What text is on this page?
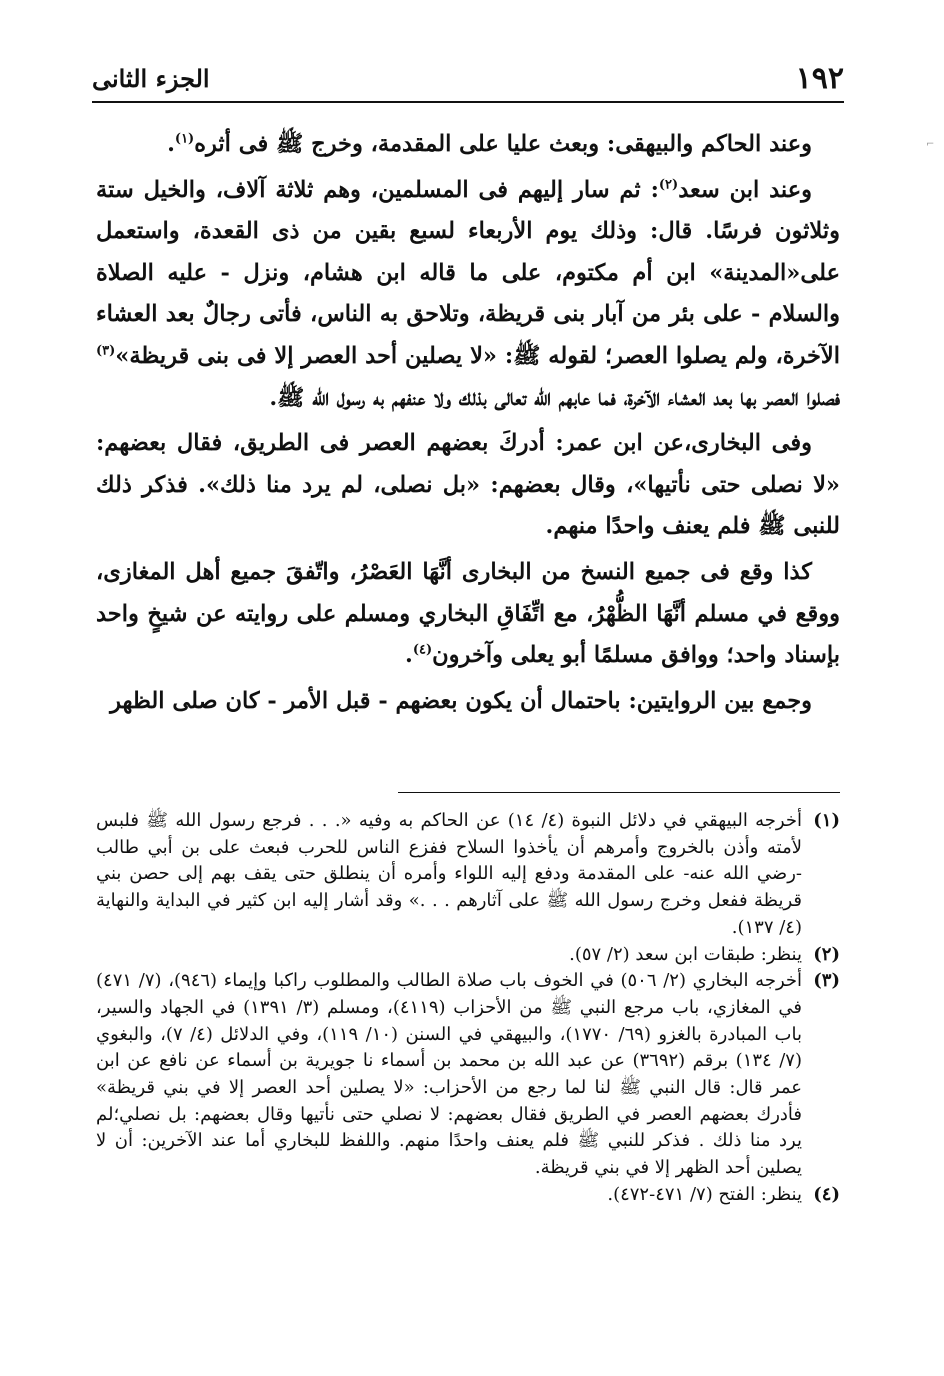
١٩٢
الجزء الثانى
⌐

وعند الحاكم والبيهقى: وبعث عليا على المقدمة، وخرج ﷺ فى أثره$^{(١)}$.

وعند ابن سعد$^{(٢)}$: ثم سار إليهم فى المسلمين، وهم ثلاثة آلاف، والخيل ستة وثلاثون فرسًا. قال: وذلك يوم الأربعاء لسبع بقين من ذى القعدة، واستعمل على«المدينة» ابن أم مكتوم، على ما قاله ابن هشام، ونزل - عليه الصلاة والسلام - على بئر من آبار بنى قريظة، وتلاحق به الناس، فأتى رجالٌ بعد العشاء الآخرة، ولم يصلوا العصر؛ لقوله ﷺ: «لا يصلين أحد العصر إلا فى بنى قريظة»$^{(٣)}$ فصلوا العصر بها بعد العشاء الآخرة، فما عابهم الله تعالى بذلك ولا عنفهم به رسول الله ﷺ.

وفى البخارى،عن ابن عمر: أدركَ بعضهم العصر فى الطريق، فقال بعضهم: «لا نصلى حتى نأتيها»، وقال بعضهم: «بل نصلى، لم يرد منا ذلك». فذكر ذلك للنبى ﷺ فلم يعنف واحدًا منهم.

كذا وقع فى جميع النسخ من البخارى أنَّهَا العَصْرُ، واتّفقَ جميع أهل المغازى، ووقع في مسلم أنَّهَا الظُّهْرُ، مع اتِّفَاقِ البخاري ومسلم على روايته عن شيخٍ واحد بإسناد واحد؛ ووافق مسلمًا أبو يعلى وآخرون$^{(٤)}$.

وجمع بين الروايتين: باحتمال أن يكون بعضهم - قبل الأمر - كان صلى الظهر

(١)
أخرجه البيهقي في دلائل النبوة (٤/ ١٤) عن الحاكم به وفيه «. . . فرجع رسول الله ﷺ فلبس لأمته وأذن بالخروج وأمرهم أن يأخذوا السلاح ففزع الناس للحرب فبعث على بن أبي طالب -رضي الله عنه- على المقدمة ودفع إليه اللواء وأمره أن ينطلق حتى يقف بهم إلى حصن بني قريظة ففعل وخرج رسول الله ﷺ على آثارهم . . .» وقد أشار إليه ابن كثير في البداية والنهاية (٤/ ١٣٧).
(٢)
ينظر: طبقات ابن سعد (٢/ ٥٧).
(٣)
أخرجه البخاري (٢/ ٥٠٦) في الخوف باب صلاة الطالب والمطلوب راكبا وإيماء (٩٤٦)، (٧/ ٤٧١) في المغازي، باب مرجع النبي ﷺ من الأحزاب (٤١١٩)، ومسلم (٣/ ١٣٩١) في الجهاد والسير، باب المبادرة بالغزو (٦٩/ ١٧٧٠)، والبيهقي في السنن (١٠/ ١١٩)، وفي الدلائل (٤/ ٧)، والبغوي (٧/ ١٣٤) برقم (٣٦٩٢) عن عبد الله بن محمد بن أسماء نا جويرية بن أسماء عن نافع عن ابن عمر قال: قال النبي ﷺ لنا لما رجع من الأحزاب: «لا يصلين أحد العصر إلا في بني قريظة» فأدرك بعضهم العصر في الطريق فقال بعضهم: لا نصلي حتى نأتيها وقال بعضهم: بل نصلي؛لم يرد منا ذلك . فذكر للنبي ﷺ فلم يعنف واحدًا منهم. واللفظ للبخاري أما عند الآخرين: أن لا يصلين أحد الظهر إلا في بني قريظة.
(٤)
ينظر: الفتح (٧/ ٤٧١-٤٧٢).
